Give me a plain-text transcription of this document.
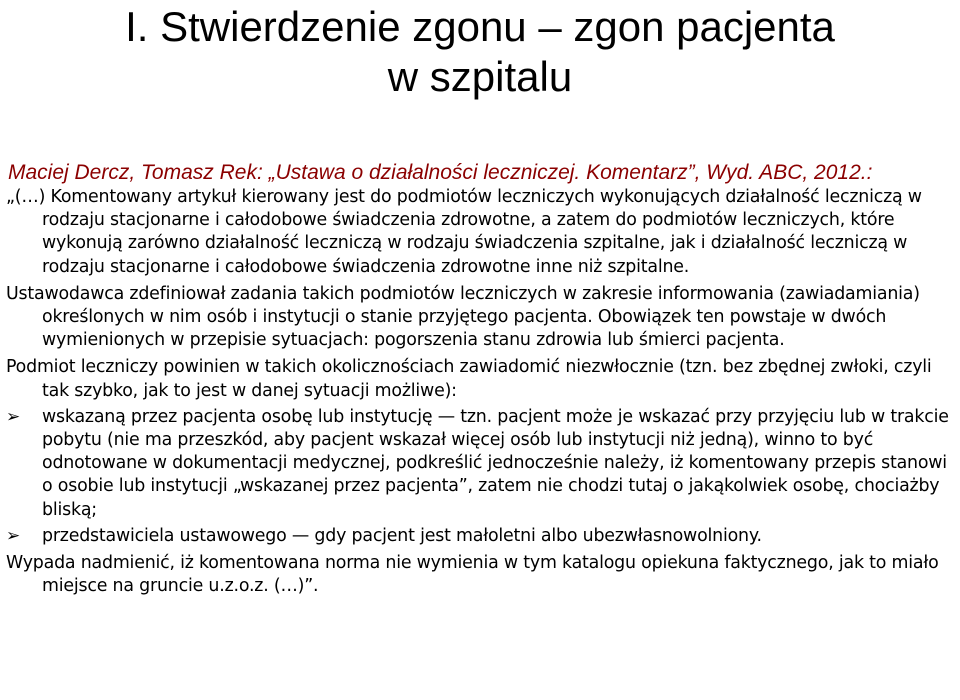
I. Stwierdzenie zgonu – zgon pacjenta
w szpitalu
Maciej Dercz, Tomasz Rek: „Ustawa o działalności leczniczej. Komentarz”, Wyd. ABC, 2012.:

„(…) Komentowany artykuł kierowany jest do podmiotów leczniczych wykonujących działalność leczniczą w rodzaju stacjonarne i całodobowe świadczenia zdrowotne, a zatem do podmiotów leczniczych, które wykonują zarówno działalność leczniczą w rodzaju świadczenia szpitalne, jak i działalność leczniczą w rodzaju stacjonarne i całodobowe świadczenia zdrowotne inne niż szpitalne.

Ustawodawca zdefiniował zadania takich podmiotów leczniczych w zakresie informowania (zawiadamiania) określonych w nim osób i instytucji o stanie przyjętego pacjenta. Obowiązek ten powstaje w dwóch wymienionych w przepisie sytuacjach: pogorszenia stanu zdrowia lub śmierci pacjenta.

Podmiot leczniczy powinien w takich okolicznościach zawiadomić niezwłocznie (tzn. bez zbędnej zwłoki, czyli tak szybko, jak to jest w danej sytuacji możliwe):

➢	wskazaną przez pacjenta osobę lub instytucję — tzn. pacjent może je wskazać przy przyjęciu lub w trakcie pobytu (nie ma przeszkód, aby pacjent wskazał więcej osób lub instytucji niż jedną), winno to być odnotowane w dokumentacji medycznej, podkreślić jednocześnie należy, iż komentowany przepis stanowi o osobie lub instytucji „wskazanej przez pacjenta”, zatem nie chodzi tutaj o jakąkolwiek osobę, chociażby bliską;
➢	przedstawiciela ustawowego — gdy pacjent jest małoletni albo ubezwłasnowolniony.

Wypada nadmienić, iż komentowana norma nie wymienia w tym katalogu opiekuna faktycznego, jak to miało miejsce na gruncie u.z.o.z. (…)”.
